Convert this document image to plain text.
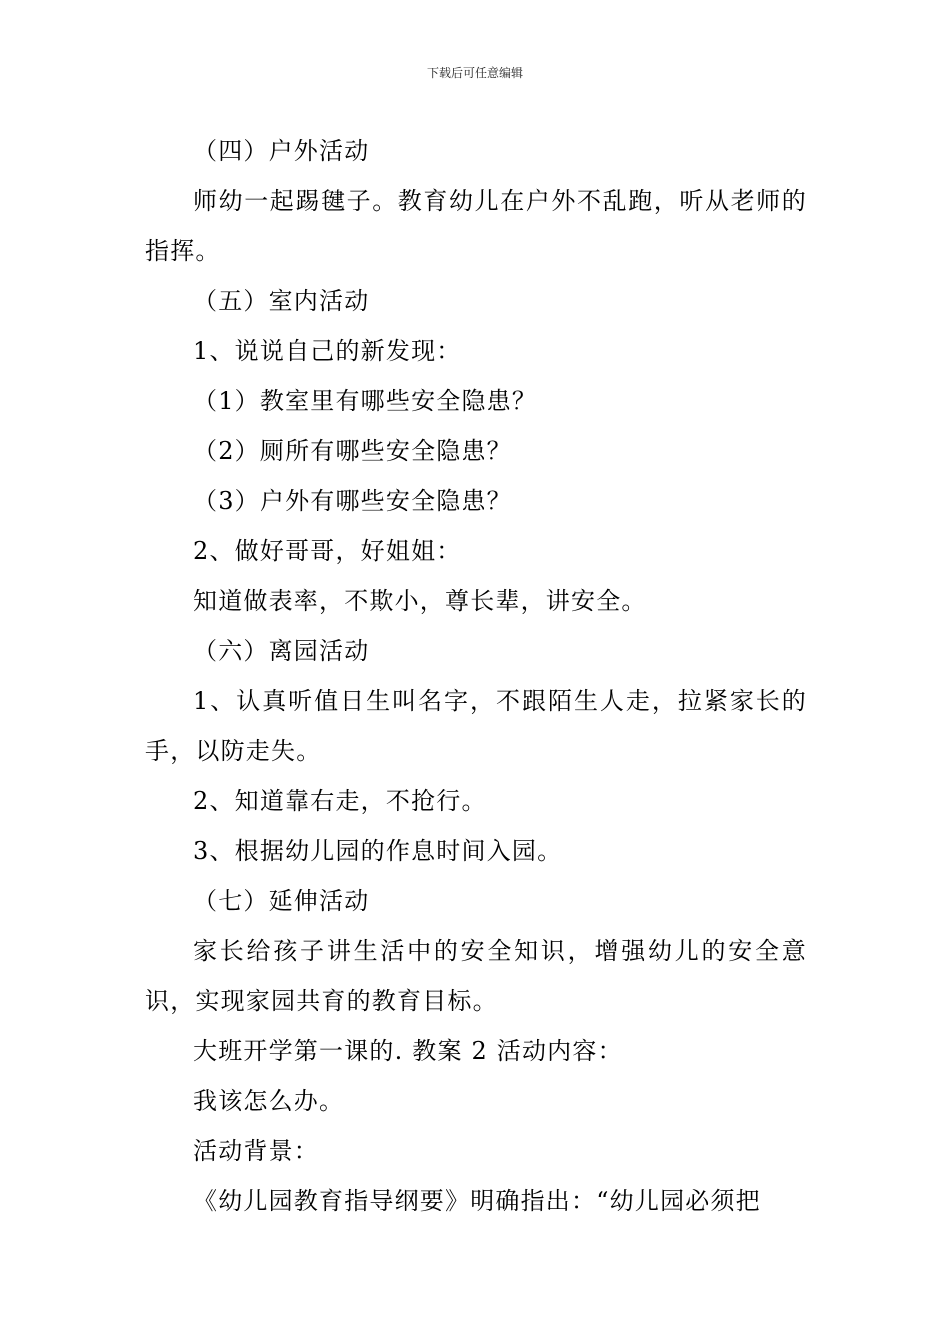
下载后可任意编辑

（四）户外活动

师幼一起踢毽子。教育幼儿在户外不乱跑，听从老师的指挥。

（五）室内活动

1、说说自己的新发现：

（1）教室里有哪些安全隐患？

（2）厕所有哪些安全隐患？

（3）户外有哪些安全隐患？

2、做好哥哥，好姐姐：

知道做表率，不欺小，尊长辈，讲安全。

（六）离园活动

1、认真听值日生叫名字，不跟陌生人走，拉紧家长的手，以防走失。

2、知道靠右走，不抢行。

3、根据幼儿园的作息时间入园。

（七）延伸活动

家长给孩子讲生活中的安全知识，增强幼儿的安全意识，实现家园共育的教育目标。

大班开学第一课的. 教案 2 活动内容：

我该怎么办。

活动背景：

《幼儿园教育指导纲要》明确指出：“幼儿园必须把
